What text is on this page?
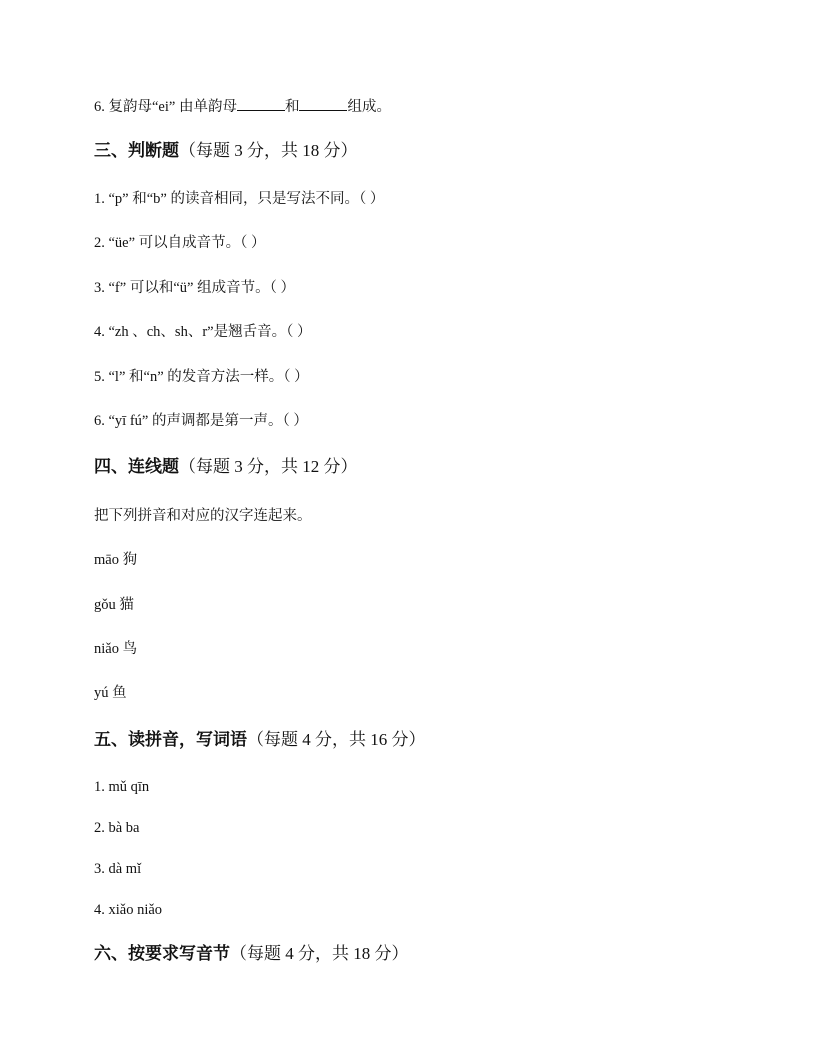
6. 复韵母“ei” 由单韵母	和	组成。
三、判断题（每题 3 分，共 18 分）
1. “p” 和“b” 的读音相同，只是写法不同。（ ）
2. “üe” 可以自成音节。（ ）
3. “f” 可以和“ü” 组成音节。（ ）
4. “zh 、ch、sh、r”是翘舌音。（ ）
5. “l” 和“n” 的发音方法一样。（ ）
6. “yī fú” 的声调都是第一声。（ ）
四、连线题（每题 3 分，共 12 分）
把下列拼音和对应的汉字连起来。
māo 狗
gǒu 猫
niǎo 鸟
yú 鱼
五、读拼音，写词语（每题 4 分，共 16 分）
1. mǔ qīn
2. bà ba
3. dà mǐ
4. xiǎo niǎo
六、按要求写音节（每题 4 分，共 18 分）
